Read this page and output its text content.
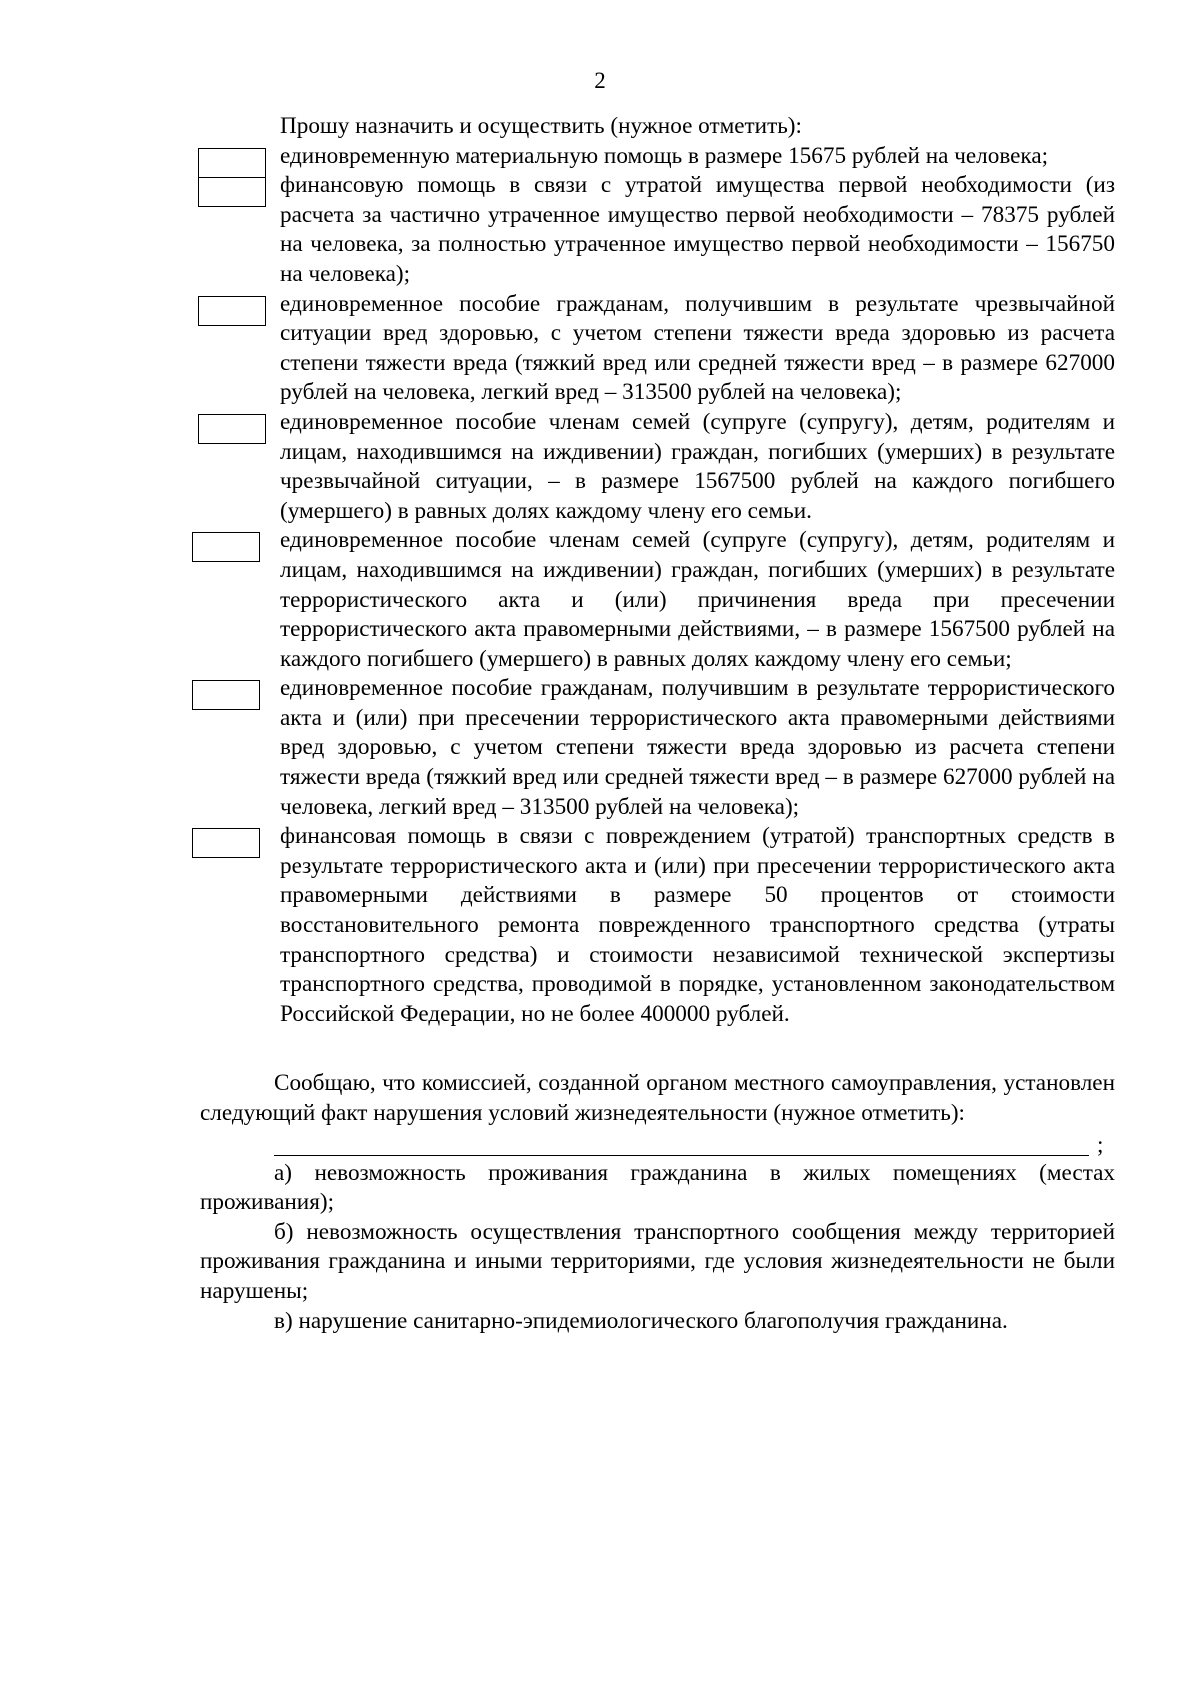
2
Прошу назначить и осуществить (нужное отметить):
единовременную материальную помощь в размере 15675 рублей на человека;
финансовую помощь в связи с утратой имущества первой необходимости (из расчета за частично утраченное имущество первой необходимости – 78375 рублей на человека, за полностью утраченное имущество первой необходимости – 156750 на человека);
единовременное пособие гражданам, получившим в результате чрезвычайной ситуации вред здоровью, с учетом степени тяжести вреда здоровью из расчета степени тяжести вреда (тяжкий вред или средней тяжести вред – в размере 627000 рублей на человека, легкий вред – 313500 рублей на человека);
единовременное пособие членам семей (супруге (супругу), детям, родителям и лицам, находившимся на иждивении) граждан, погибших (умерших) в результате чрезвычайной ситуации, – в размере 1567500 рублей на каждого погибшего (умершего) в равных долях каждому члену его семьи.
единовременное пособие членам семей (супруге (супругу), детям, родителям и лицам, находившимся на иждивении) граждан, погибших (умерших) в результате террористического акта и (или) причинения вреда при пресечении террористического акта правомерными действиями, – в размере 1567500 рублей на каждого погибшего (умершего) в равных долях каждому члену его семьи;
единовременное пособие гражданам, получившим в результате террористического акта и (или) при пресечении террористического акта правомерными действиями вред здоровью, с учетом степени тяжести вреда здоровью из расчета степени тяжести вреда (тяжкий вред или средней тяжести вред – в размере 627000 рублей на человека, легкий вред – 313500 рублей на человека);
финансовая помощь в связи с повреждением (утратой) транспортных средств в результате террористического акта и (или) при пресечении террористического акта правомерными действиями в размере 50 процентов от стоимости восстановительного ремонта поврежденного транспортного средства (утраты транспортного средства) и стоимости независимой технической экспертизы транспортного средства, проводимой в порядке, установленном законодательством Российской Федерации, но не более 400000 рублей.
Сообщаю, что комиссией, созданной органом местного самоуправления, установлен следующий факт нарушения условий жизнедеятельности (нужное отметить):
;
а) невозможность проживания гражданина в жилых помещениях (местах проживания);
б) невозможность осуществления транспортного сообщения между территорией проживания гражданина и иными территориями, где условия жизнедеятельности не были нарушены;
в) нарушение санитарно-эпидемиологического благополучия гражданина.
